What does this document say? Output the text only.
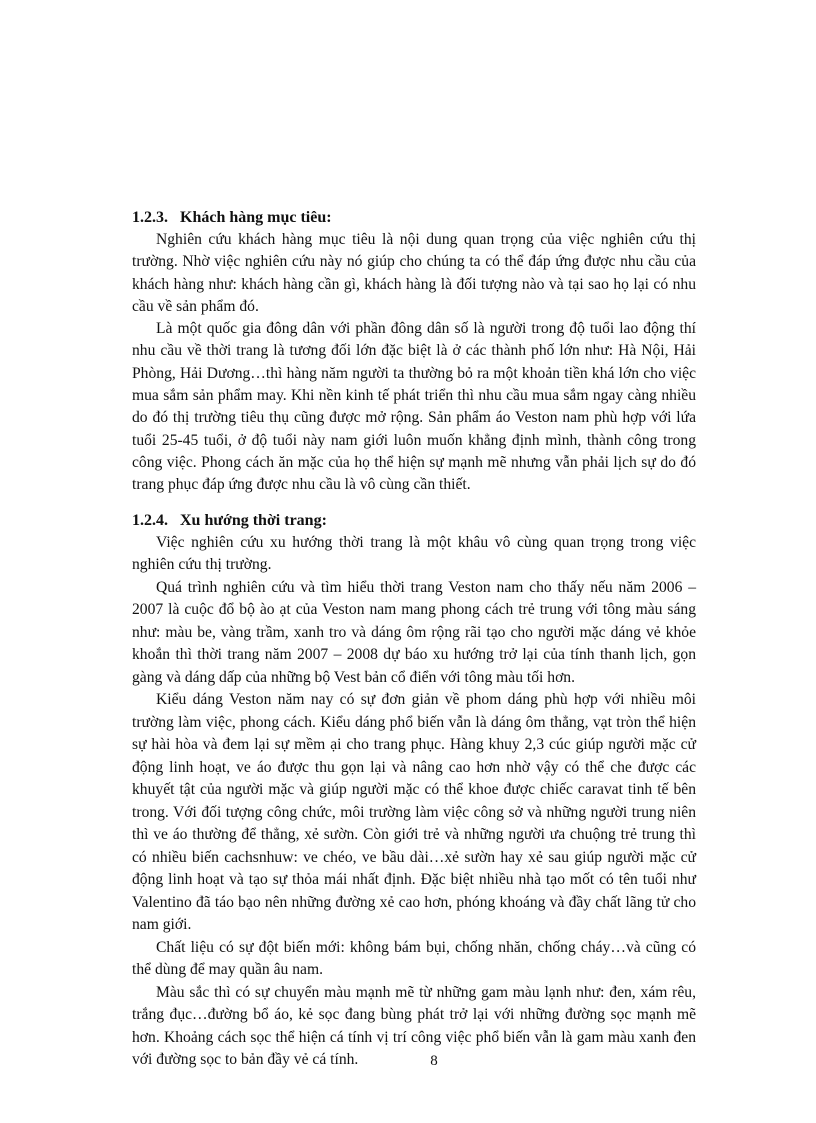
1.2.3. Khách hàng mục tiêu:

Nghiên cứu khách hàng mục tiêu là nội dung quan trọng của việc nghiên cứu thị trường. Nhờ việc nghiên cứu này nó giúp cho chúng ta có thể đáp ứng được nhu cầu của khách hàng như: khách hàng cần gì, khách hàng là đối tượng nào và tại sao họ lại có nhu cầu về sản phẩm đó.

Là một quốc gia đông dân với phần đông dân số là người trong độ tuổi lao động thí nhu cầu về thời trang là tương đối lớn đặc biệt là ở các thành phố lớn như: Hà Nội, Hải Phòng, Hải Dương…thì hàng năm người ta thường bỏ ra một khoản tiền khá lớn cho việc mua sắm sản phẩm may. Khi nền kinh tế phát triển thì nhu cầu mua sắm ngay càng nhiều do đó thị trường tiêu thụ cũng được mở rộng. Sản phẩm áo Veston nam phù hợp với lứa tuổi 25-45 tuổi, ở độ tuổi này nam giới luôn muốn khẳng định mình, thành công trong công việc. Phong cách ăn mặc của họ thể hiện sự mạnh mẽ nhưng vẫn phải lịch sự do đó trang phục đáp ứng được nhu cầu là vô cùng cần thiết.

1.2.4. Xu hướng thời trang:

Việc nghiên cứu xu hướng thời trang là một khâu vô cùng quan trọng trong việc nghiên cứu thị trường.

Quá trình nghiên cứu và tìm hiểu thời trang Veston nam cho thấy nếu năm 2006 – 2007 là cuộc đổ bộ ào ạt của Veston nam mang phong cách trẻ trung với tông màu sáng như: màu be, vàng trầm, xanh tro và dáng ôm rộng rãi tạo cho người mặc dáng vẻ khỏe khoắn thì thời trang năm 2007 – 2008 dự báo xu hướng trở lại của tính thanh lịch, gọn gàng và dáng dấp của những bộ Vest bản cổ điển với tông màu tối hơn.

Kiểu dáng Veston năm nay có sự đơn giản về phom dáng phù hợp với nhiều môi trường làm việc, phong cách. Kiểu dáng phổ biến vẫn là dáng ôm thẳng, vạt tròn thể hiện sự hài hòa và đem lại sự mềm ại cho trang phục. Hàng khuy 2,3 cúc giúp người mặc cử động linh hoạt, ve áo được thu gọn lại và nâng cao hơn nhờ vậy có thể che được các khuyết tật của người mặc và giúp người mặc có thể khoe được chiếc caravat tinh tế bên trong. Với đối tượng công chức, môi trường làm việc công sở và những người trung niên thì ve áo thường để thẳng, xẻ sườn. Còn giới trẻ và những người ưa chuộng trẻ trung thì có nhiều biến cachsnhuw: ve chéo, ve bầu dài…xẻ sườn hay xẻ sau giúp người mặc cử động linh hoạt và tạo sự thỏa mái nhất định. Đặc biệt nhiều nhà tạo mốt có tên tuổi như Valentino đã táo bạo nên những đường xẻ cao hơn, phóng khoáng và đầy chất lãng tử cho nam giới.

Chất liệu có sự đột biến mới: không bám bụi, chống nhăn, chống cháy…và cũng có thể dùng để may quần âu nam.

Màu sắc thì có sự chuyển màu mạnh mẽ từ những gam màu lạnh như: đen, xám rêu, trắng đục…đường bổ áo, kẻ sọc đang bùng phát trở lại với những đường sọc mạnh mẽ hơn. Khoảng cách sọc thể hiện cá tính vị trí công việc phổ biến vẫn là gam màu xanh đen với đường sọc to bản đầy vẻ cá tính.	8
